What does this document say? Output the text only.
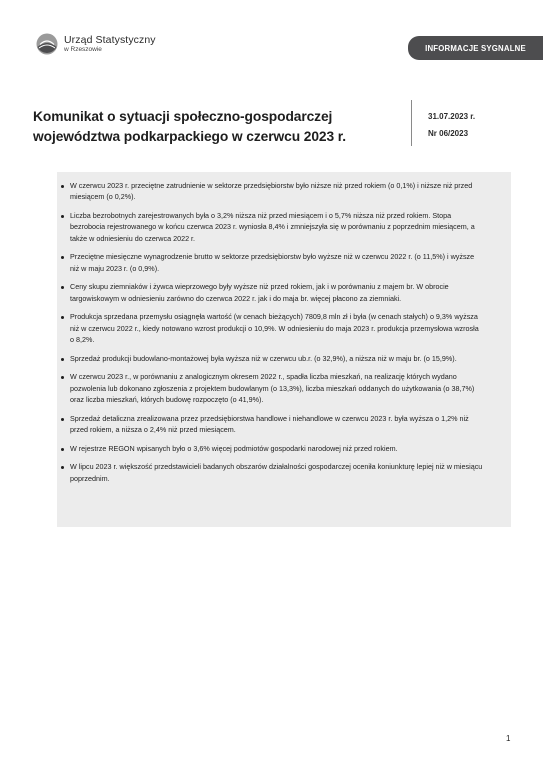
Urząd Statystyczny
w Rzeszowie	INFORMACJE SYGNALNE
Komunikat o sytuacji społeczno-gospodarczej
województwa podkarpackiego w czerwcu 2023 r.
31.07.2023 r.
Nr 06/2023
W czerwcu 2023 r. przeciętne zatrudnienie w sektorze przedsiębiorstw było niższe niż przed rokiem (o 0,1%) i niższe niż przed miesiącem (o 0,2%).
Liczba bezrobotnych zarejestrowanych była o 3,2% niższa niż przed miesiącem i o 5,7% niższa niż przed rokiem. Stopa bezrobocia rejestrowanego w końcu czerwca 2023 r. wyniosła 8,4% i zmniejszyła się w porównaniu z poprzednim miesiącem, a także w odniesieniu do czerwca 2022 r.
Przeciętne miesięczne wynagrodzenie brutto w sektorze przedsiębiorstw było wyższe niż w czerwcu 2022 r. (o 11,5%) i wyższe niż w maju 2023 r. (o 0,9%).
Ceny skupu ziemniaków i żywca wieprzowego były wyższe niż przed rokiem, jak i w porównaniu z majem br. W obrocie targowiskowym w odniesieniu zarówno do czerwca 2022 r. jak i do maja br. więcej płacono za ziemniaki.
Produkcja sprzedana przemysłu osiągnęła wartość (w cenach bieżących) 7809,8 mln zł i była (w cenach stałych) o 9,3% wyższa niż w czerwcu 2022 r., kiedy notowano wzrost produkcji o 10,9%. W odniesieniu do maja 2023 r. produkcja przemysłowa wzrosła o 8,2%.
Sprzedaż produkcji budowlano-montażowej była wyższa niż w czerwcu ub.r. (o 32,9%), a niższa niż w maju br. (o 15,9%).
W czerwcu 2023 r., w porównaniu z analogicznym okresem 2022 r., spadła liczba mieszkań, na realizację których wydano pozwolenia lub dokonano zgłoszenia z projektem budowlanym (o 13,3%), liczba mieszkań oddanych do użytkowania (o 38,7%) oraz liczba mieszkań, których budowę rozpoczęto (o 41,9%).
Sprzedaż detaliczna zrealizowana przez przedsiębiorstwa handlowe i niehandlowe w czerwcu 2023 r. była wyższa o 1,2% niż przed rokiem, a niższa o 2,4% niż przed miesiącem.
W rejestrze REGON wpisanych było o 3,6% więcej podmiotów gospodarki narodowej niż przed rokiem.
W lipcu 2023 r. większość przedstawicieli badanych obszarów działalności gospodarczej oceniła koniunkturę lepiej niż w miesiącu poprzednim.
1
